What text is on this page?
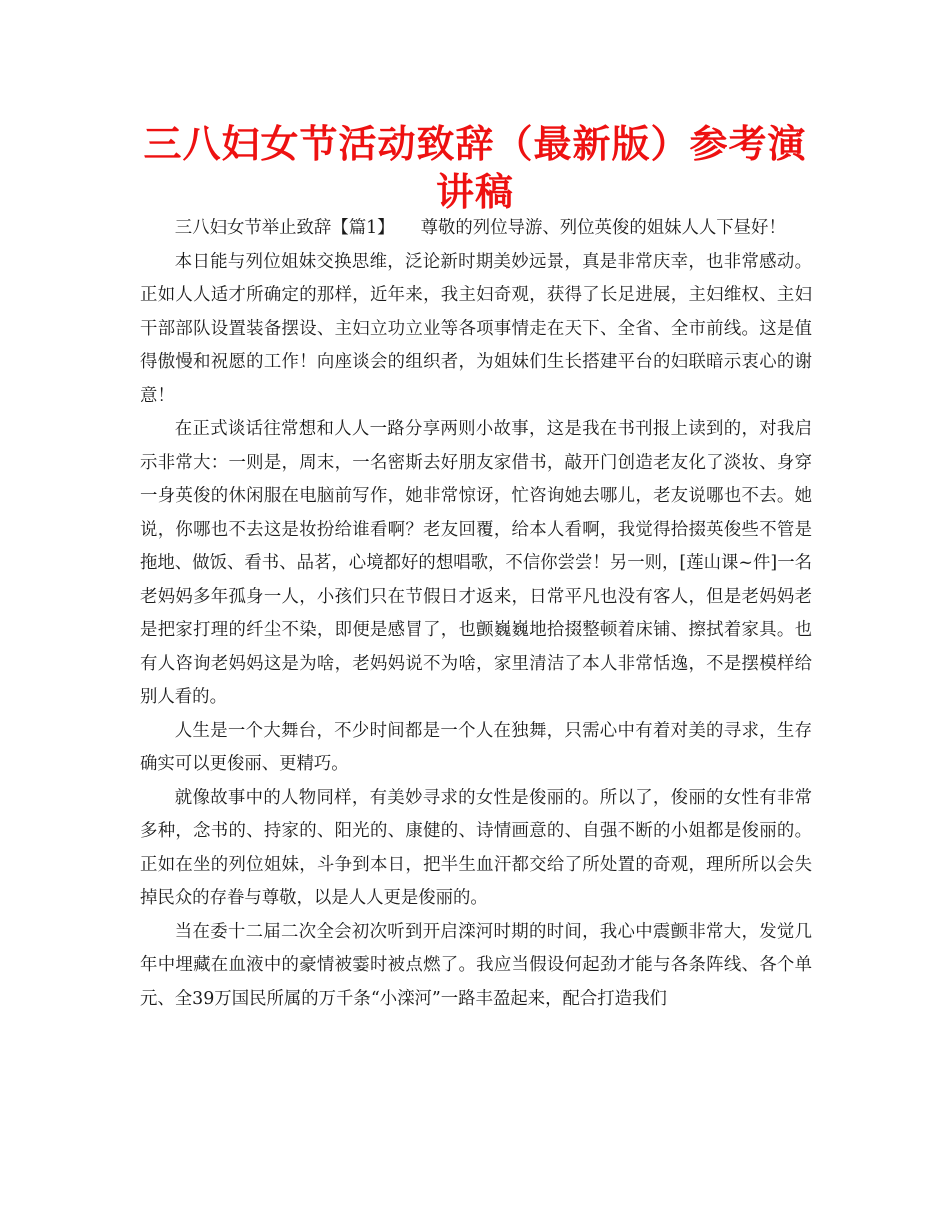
三八妇女节活动致辞（最新版）参考演讲稿

三八妇女节举止致辞【篇1】　　尊敬的列位导游、列位英俊的姐妹人人下昼好！

本日能与列位姐妹交换思维，泛论新时期美妙远景，真是非常庆幸，也非常感动。正如人人适才所确定的那样，近年来，我主妇奇观，获得了长足进展，主妇维权、主妇干部部队设置装备摆设、主妇立功立业等各项事情走在天下、全省、全市前线。这是值得傲慢和祝愿的工作！向座谈会的组织者，为姐妹们生长搭建平台的妇联暗示衷心的谢意！

在正式谈话往常想和人人一路分享两则小故事，这是我在书刊报上读到的，对我启示非常大：一则是，周末，一名密斯去好朋友家借书，敲开门创造老友化了淡妆、身穿一身英俊的休闲服在电脑前写作，她非常惊讶，忙咨询她去哪儿，老友说哪也不去。她说，你哪也不去这是妆扮给谁看啊？老友回覆，给本人看啊，我觉得拾掇英俊些不管是拖地、做饭、看书、品茗，心境都好的想唱歌，不信你尝尝！另一则，[莲山课~件]一名老妈妈多年孤身一人，小孩们只在节假日才返来，日常平凡也没有客人，但是老妈妈老是把家打理的纤尘不染，即便是感冒了，也颤巍巍地拾掇整顿着床铺、擦拭着家具。也有人咨询老妈妈这是为啥，老妈妈说不为啥，家里清洁了本人非常恬逸，不是摆模样给别人看的。

人生是一个大舞台，不少时间都是一个人在独舞，只需心中有着对美的寻求，生存确实可以更俊丽、更精巧。

就像故事中的人物同样，有美妙寻求的女性是俊丽的。所以了，俊丽的女性有非常多种，念书的、持家的、阳光的、康健的、诗情画意的、自强不断的小姐都是俊丽的。正如在坐的列位姐妹，斗争到本日，把半生血汗都交给了所处置的奇观，理所所以会失掉民众的存眷与尊敬，以是人人更是俊丽的。

当在委十二届二次全会初次听到开启滦河时期的时间，我心中震颤非常大，发觉几年中埋藏在血液中的豪情被霎时被点燃了。我应当假设何起劲才能与各条阵线、各个单元、全39万国民所属的万千条“小滦河”一路丰盈起来，配合打造我们
